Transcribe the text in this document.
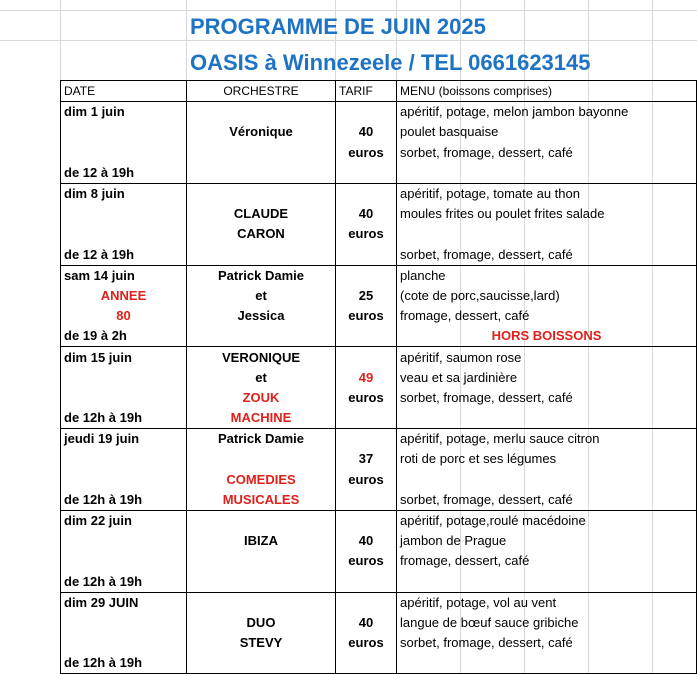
PROGRAMME DE JUIN 2025
OASIS à Winnezeele / TEL 0661623145
DATE	ORCHESTRE	TARIF	MENU (boissons comprises)
dim 1 juin			apéritif, potage, melon jambon bayonne
	Véronique	40	poulet basquaise
		euros	sorbet, fromage, dessert, café
de 12 à 19h			
dim 8 juin			apéritif, potage, tomate au thon
	CLAUDE	40	moules frites ou poulet frites salade
	CARON	euros	
de 12 à 19h			sorbet, fromage, dessert, café
sam 14 juin	Patrick Damie		planche
ANNEE	et	25	(cote de porc,saucisse,lard)
80	Jessica	euros	fromage, dessert, café
de 19 à 2h			HORS BOISSONS
dim 15 juin	VERONIQUE		apéritif, saumon rose
	et	49	veau et sa jardinière
	ZOUK	euros	sorbet, fromage, dessert, café
de 12h à 19h	MACHINE		
jeudi 19 juin	Patrick Damie		apéritif, potage, merlu sauce citron
		37	roti de porc et ses légumes
	COMEDIES	euros	
de 12h à 19h	MUSICALES		sorbet, fromage, dessert, café
dim 22 juin			apéritif, potage,roulé macédoine
	IBIZA	40	jambon de Prague
		euros	fromage, dessert, café
de 12h à 19h			
dim 29 JUIN			apéritif, potage, vol au vent
	DUO	40	langue de bœuf sauce gribiche
	STEVY	euros	sorbet, fromage, dessert, café
de 12h à 19h			
